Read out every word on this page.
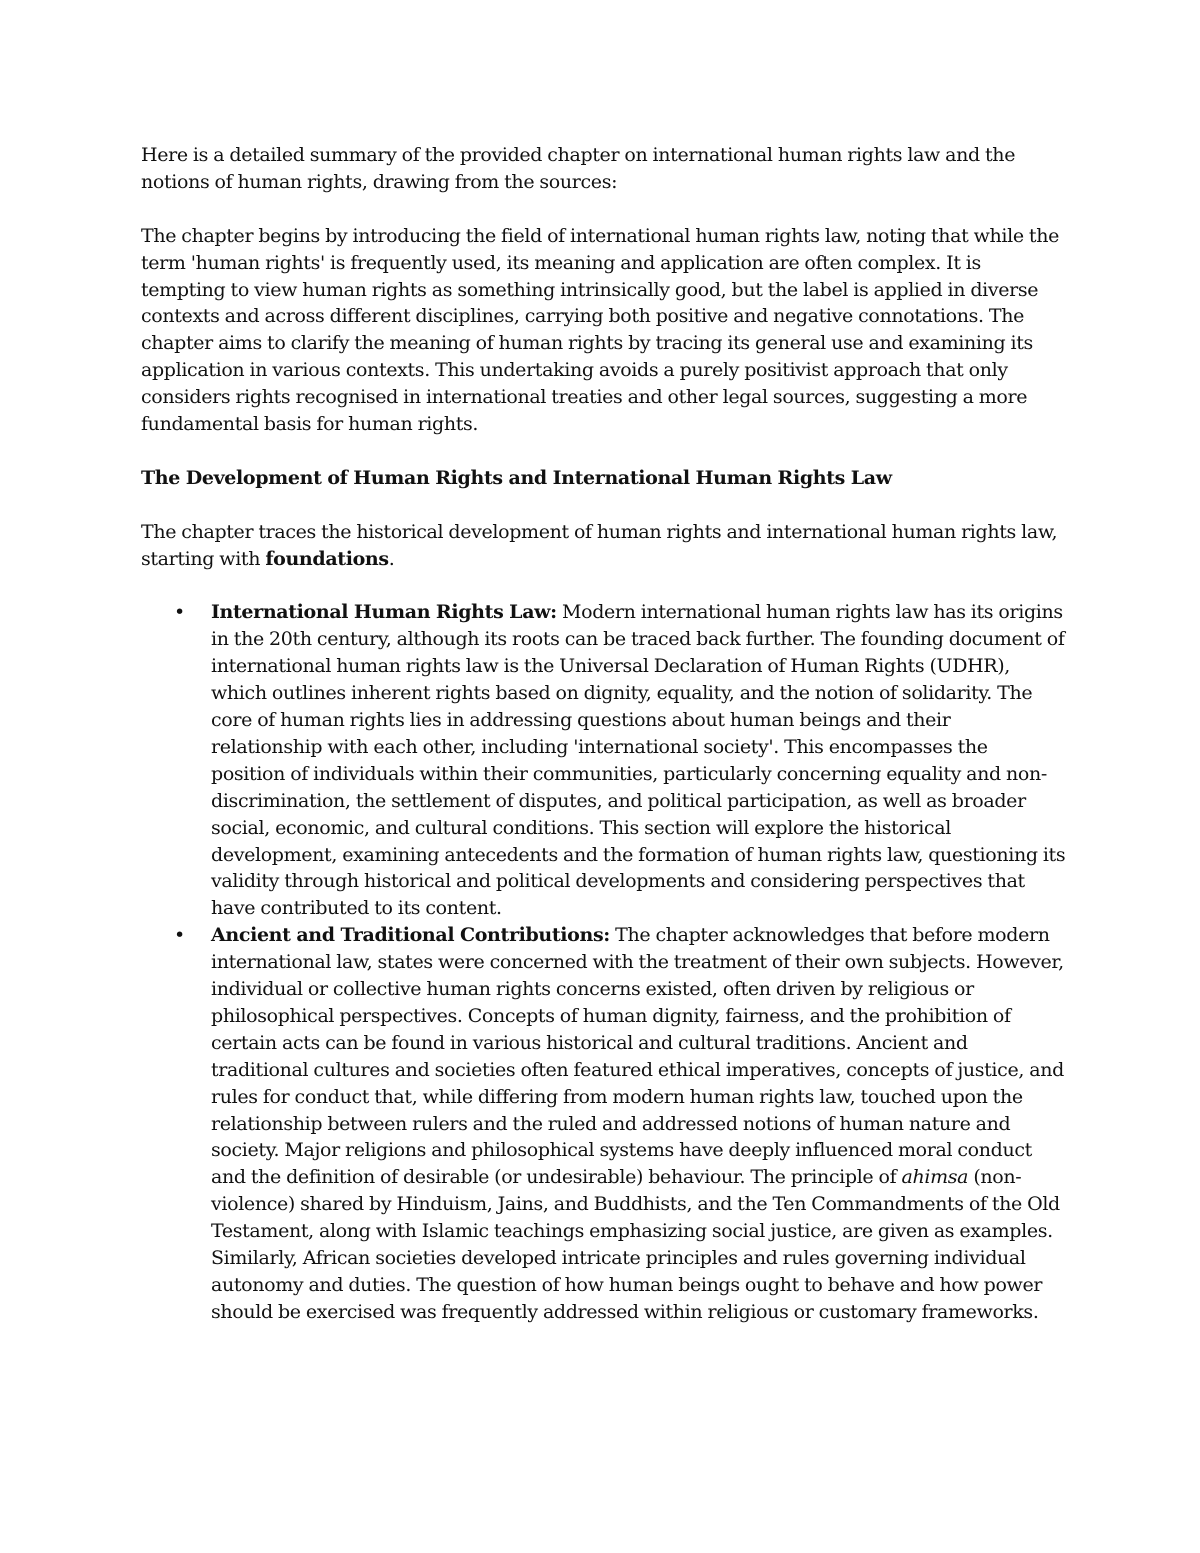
Here is a detailed summary of the provided chapter on international human rights law and the notions of human rights, drawing from the sources:

The chapter begins by introducing the field of international human rights law, noting that while the term 'human rights' is frequently used, its meaning and application are often complex. It is tempting to view human rights as something intrinsically good, but the label is applied in diverse contexts and across different disciplines, carrying both positive and negative connotations. The chapter aims to clarify the meaning of human rights by tracing its general use and examining its application in various contexts. This undertaking avoids a purely positivist approach that only considers rights recognised in international treaties and other legal sources, suggesting a more fundamental basis for human rights.

The Development of Human Rights and International Human Rights Law

The chapter traces the historical development of human rights and international human rights law, starting with foundations.

• International Human Rights Law: Modern international human rights law has its origins in the 20th century, although its roots can be traced back further. The founding document of international human rights law is the Universal Declaration of Human Rights (UDHR), which outlines inherent rights based on dignity, equality, and the notion of solidarity. The core of human rights lies in addressing questions about human beings and their relationship with each other, including 'international society'. This encompasses the position of individuals within their communities, particularly concerning equality and non-discrimination, the settlement of disputes, and political participation, as well as broader social, economic, and cultural conditions. This section will explore the historical development, examining antecedents and the formation of human rights law, questioning its validity through historical and political developments and considering perspectives that have contributed to its content.
• Ancient and Traditional Contributions: The chapter acknowledges that before modern international law, states were concerned with the treatment of their own subjects. However, individual or collective human rights concerns existed, often driven by religious or philosophical perspectives. Concepts of human dignity, fairness, and the prohibition of certain acts can be found in various historical and cultural traditions. Ancient and traditional cultures and societies often featured ethical imperatives, concepts of justice, and rules for conduct that, while differing from modern human rights law, touched upon the relationship between rulers and the ruled and addressed notions of human nature and society. Major religions and philosophical systems have deeply influenced moral conduct and the definition of desirable (or undesirable) behaviour. The principle of ahimsa (non-violence) shared by Hinduism, Jains, and Buddhists, and the Ten Commandments of the Old Testament, along with Islamic teachings emphasizing social justice, are given as examples. Similarly, African societies developed intricate principles and rules governing individual autonomy and duties. The question of how human beings ought to behave and how power should be exercised was frequently addressed within religious or customary frameworks.
